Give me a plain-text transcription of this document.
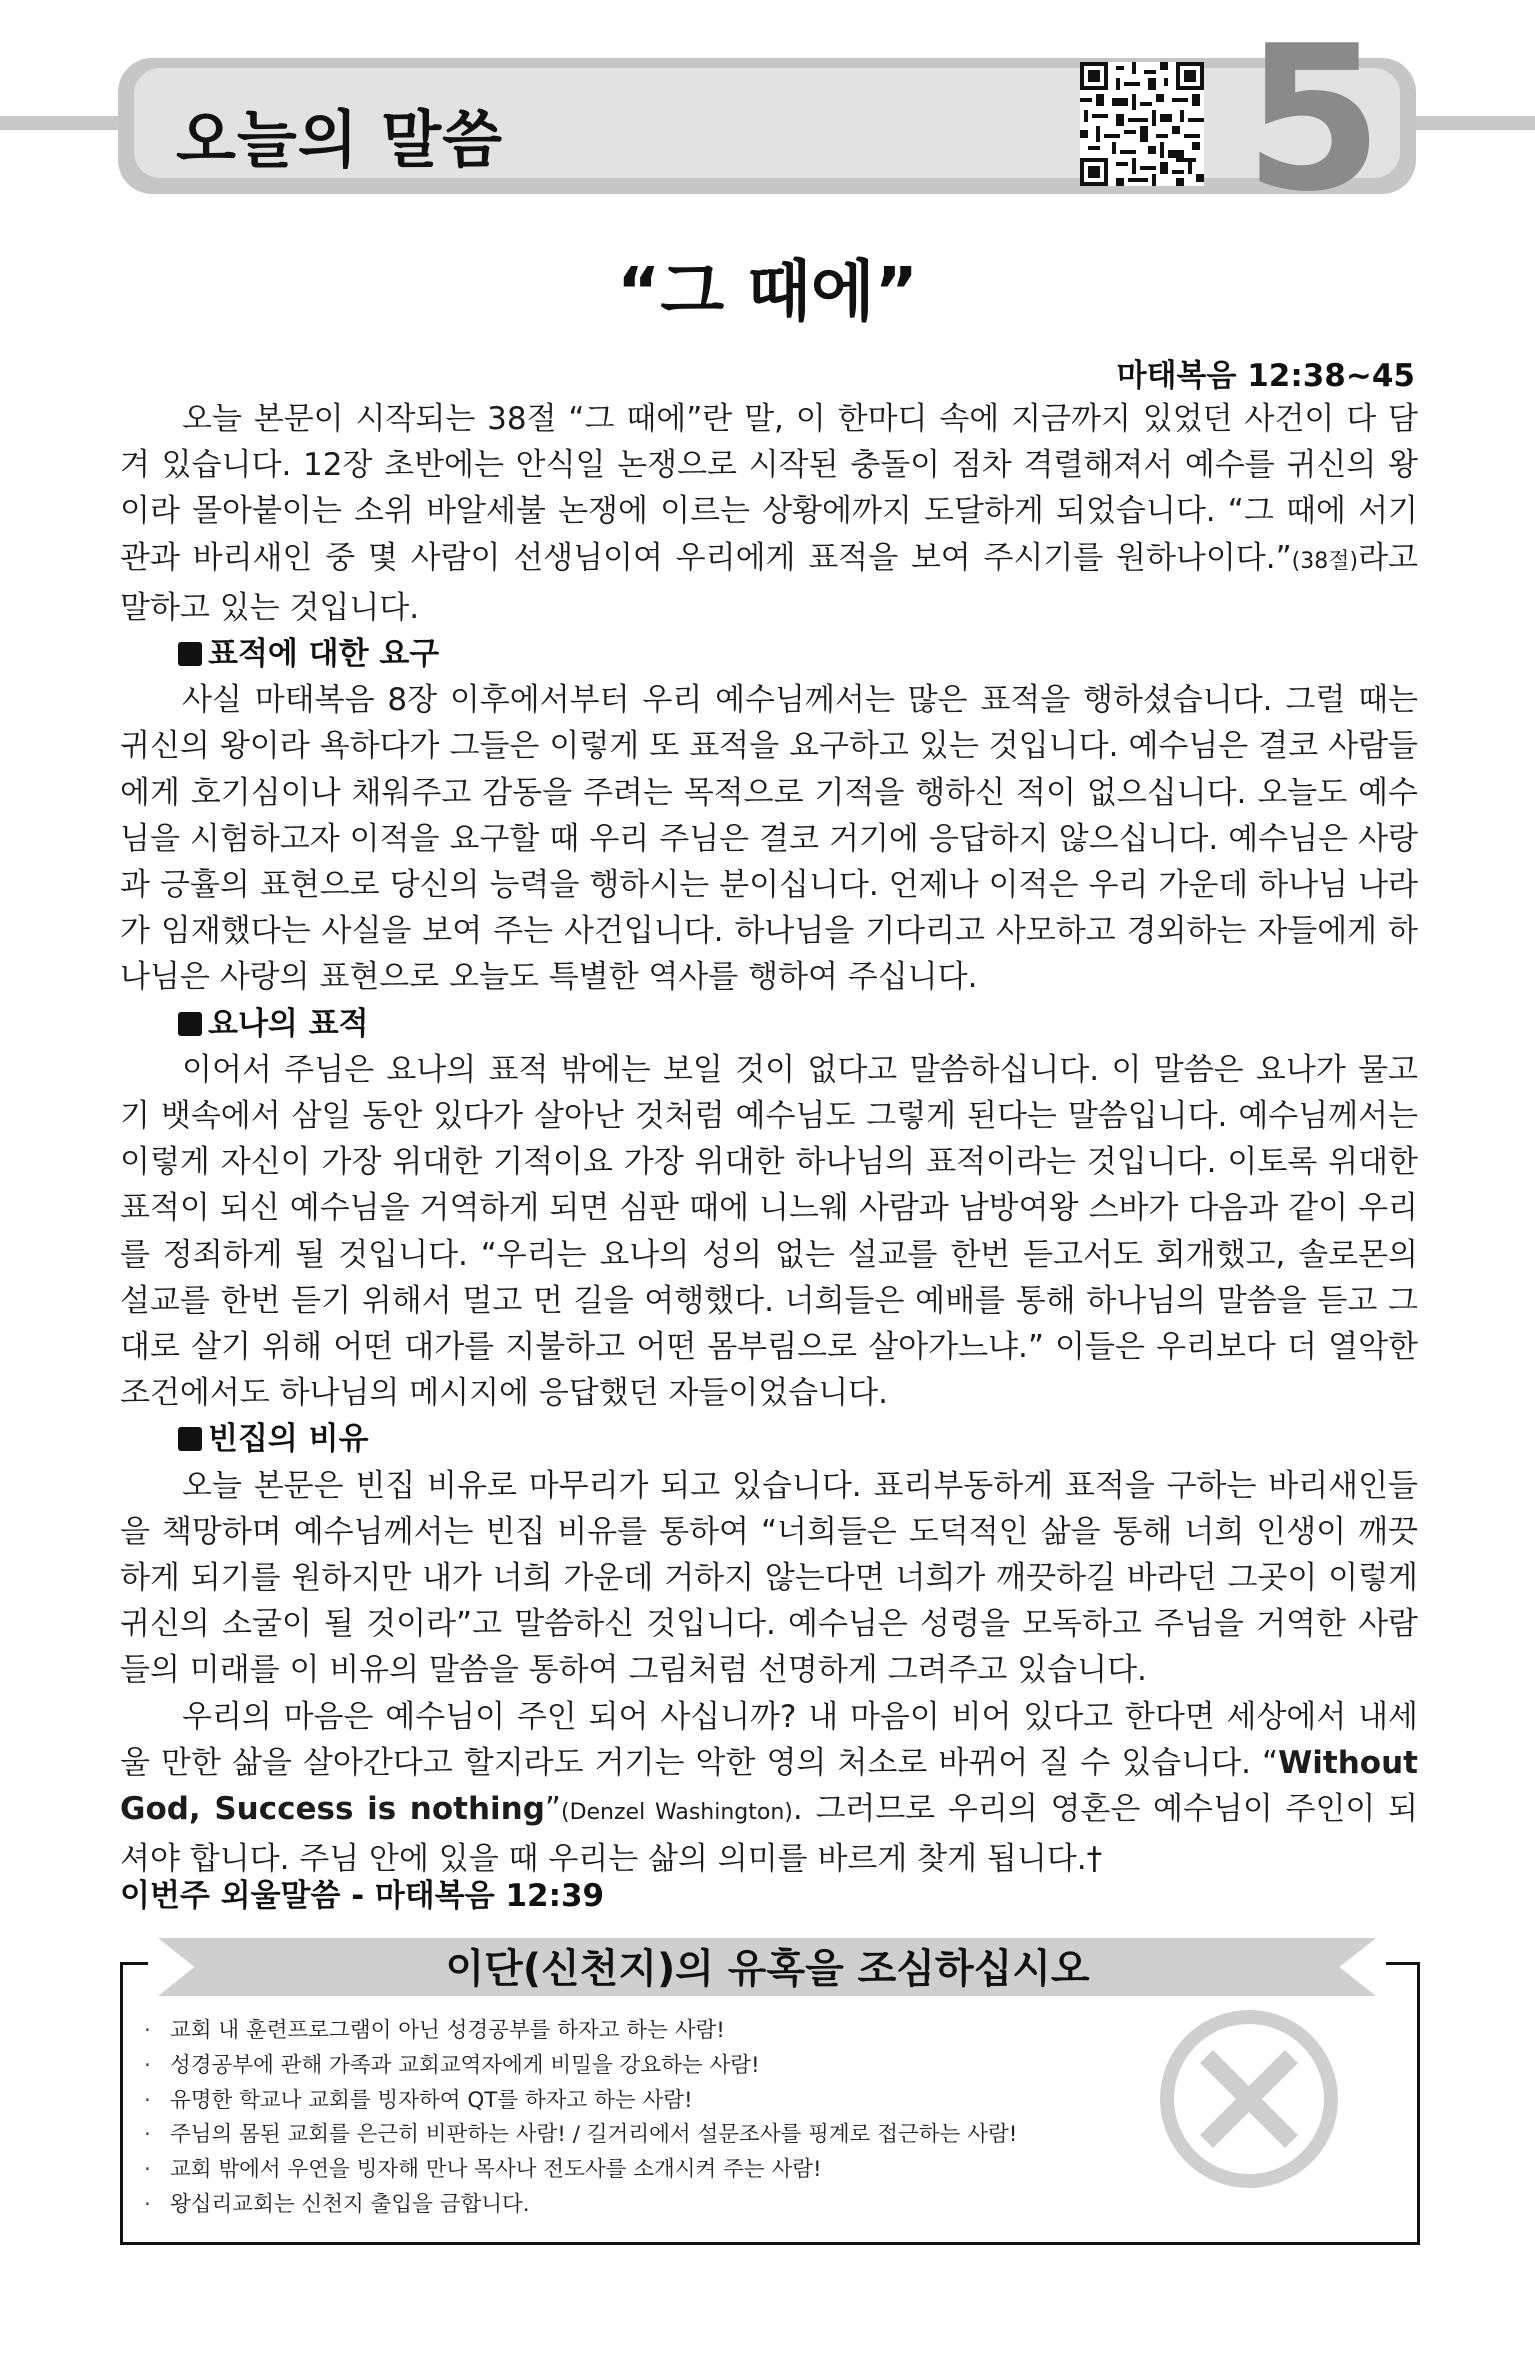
오늘의 말씀	5
“그 때에”
마태복음 12:38~45

오늘 본문이 시작되는 38절 “그 때에”란 말, 이 한마디 속에 지금까지 있었던 사건이 다 담겨 있습니다. 12장 초반에는 안식일 논쟁으로 시작된 충돌이 점차 격렬해져서 예수를 귀신의 왕이라 몰아붙이는 소위 바알세불 논쟁에 이르는 상황에까지 도달하게 되었습니다. “그 때에 서기관과 바리새인 중 몇 사람이 선생님이여 우리에게 표적을 보여 주시기를 원하나이다.”(38절)라고 말하고 있는 것입니다.

표적에 대한 요구

사실 마태복음 8장 이후에서부터 우리 예수님께서는 많은 표적을 행하셨습니다. 그럴 때는 귀신의 왕이라 욕하다가 그들은 이렇게 또 표적을 요구하고 있는 것입니다. 예수님은 결코 사람들에게 호기심이나 채워주고 감동을 주려는 목적으로 기적을 행하신 적이 없으십니다. 오늘도 예수님을 시험하고자 이적을 요구할 때 우리 주님은 결코 거기에 응답하지 않으십니다. 예수님은 사랑과 긍휼의 표현으로 당신의 능력을 행하시는 분이십니다. 언제나 이적은 우리 가운데 하나님 나라가 임재했다는 사실을 보여 주는 사건입니다. 하나님을 기다리고 사모하고 경외하는 자들에게 하나님은 사랑의 표현으로 오늘도 특별한 역사를 행하여 주십니다.

요나의 표적

이어서 주님은 요나의 표적 밖에는 보일 것이 없다고 말씀하십니다. 이 말씀은 요나가 물고기 뱃속에서 삼일 동안 있다가 살아난 것처럼 예수님도 그렇게 된다는 말씀입니다. 예수님께서는 이렇게 자신이 가장 위대한 기적이요 가장 위대한 하나님의 표적이라는 것입니다. 이토록 위대한 표적이 되신 예수님을 거역하게 되면 심판 때에 니느웨 사람과 남방여왕 스바가 다음과 같이 우리를 정죄하게 될 것입니다. “우리는 요나의 성의 없는 설교를 한번 듣고서도 회개했고, 솔로몬의 설교를 한번 듣기 위해서 멀고 먼 길을 여행했다. 너희들은 예배를 통해 하나님의 말씀을 듣고 그대로 살기 위해 어떤 대가를 지불하고 어떤 몸부림으로 살아가느냐.” 이들은 우리보다 더 열악한 조건에서도 하나님의 메시지에 응답했던 자들이었습니다.

빈집의 비유

오늘 본문은 빈집 비유로 마무리가 되고 있습니다. 표리부동하게 표적을 구하는 바리새인들을 책망하며 예수님께서는 빈집 비유를 통하여 “너희들은 도덕적인 삶을 통해 너희 인생이 깨끗하게 되기를 원하지만 내가 너희 가운데 거하지 않는다면 너희가 깨끗하길 바라던 그곳이 이렇게 귀신의 소굴이 될 것이라”고 말씀하신 것입니다. 예수님은 성령을 모독하고 주님을 거역한 사람들의 미래를 이 비유의 말씀을 통하여 그림처럼 선명하게 그려주고 있습니다.

우리의 마음은 예수님이 주인 되어 사십니까? 내 마음이 비어 있다고 한다면 세상에서 내세울 만한 삶을 살아간다고 할지라도 거기는 악한 영의 처소로 바뀌어 질 수 있습니다. “Without God, Success is nothing”(Denzel Washington). 그러므로 우리의 영혼은 예수님이 주인이 되셔야 합니다. 주님 안에 있을 때 우리는 삶의 의미를 바르게 찾게 됩니다.†

이번주 외울말씀 - 마태복음 12:39
이단(신천지)의 유혹을 조심하십시오
· 교회 내 훈련프로그램이 아닌 성경공부를 하자고 하는 사람!
· 성경공부에 관해 가족과 교회교역자에게 비밀을 강요하는 사람!
· 유명한 학교나 교회를 빙자하여 QT를 하자고 하는 사람!
· 주님의 몸된 교회를 은근히 비판하는 사람! / 길거리에서 설문조사를 핑계로 접근하는 사람!
· 교회 밖에서 우연을 빙자해 만나 목사나 전도사를 소개시켜 주는 사람!
· 왕십리교회는 신천지 출입을 금합니다.
